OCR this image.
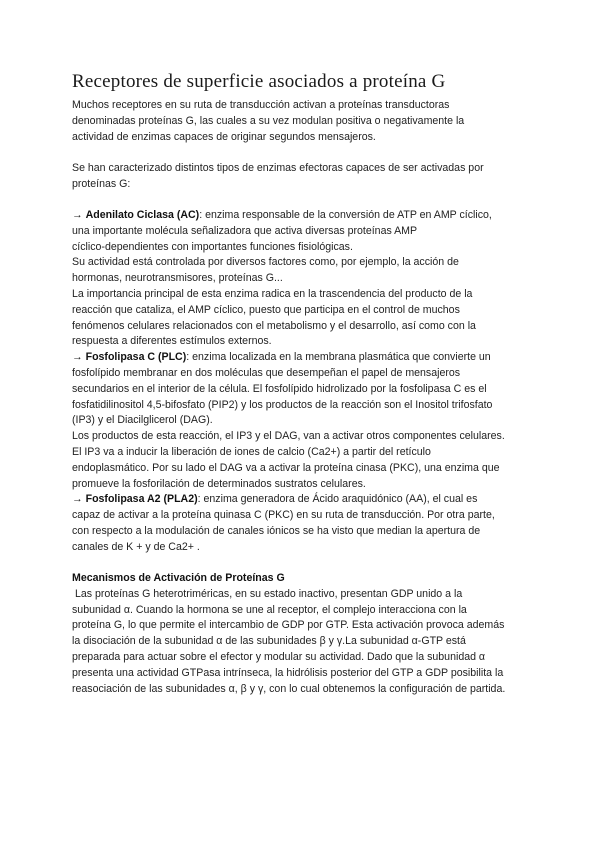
Receptores de superficie asociados a proteína G
Muchos receptores en su ruta de transducción activan a proteínas transductoras
denominadas proteínas G, las cuales a su vez modulan positiva o negativamente la
actividad de enzimas capaces de originar segundos mensajeros.
Se han caracterizado distintos tipos de enzimas efectoras capaces de ser activadas por
proteínas G:
→ Adenilato Ciclasa (AC): enzima responsable de la conversión de ATP en AMP cíclico,
una importante molécula señalizadora que activa diversas proteínas AMP
cíclico-dependientes con importantes funciones fisiológicas.
Su actividad está controlada por diversos factores como, por ejemplo, la acción de
hormonas, neurotransmisores, proteínas G...
La importancia principal de esta enzima radica en la trascendencia del producto de la
reacción que cataliza, el AMP cíclico, puesto que participa en el control de muchos
fenómenos celulares relacionados con el metabolismo y el desarrollo, así como con la
respuesta a diferentes estímulos externos.
→ Fosfolipasa C (PLC): enzima localizada en la membrana plasmática que convierte un
fosfolípido membranar en dos moléculas que desempeñan el papel de mensajeros
secundarios en el interior de la célula. El fosfolípido hidrolizado por la fosfolipasa C es el
fosfatidilinositol 4,5-bifosfato (PIP2) y los productos de la reacción son el Inositol trifosfato
(IP3) y el Diacilglicerol (DAG).
Los productos de esta reacción, el IP3 y el DAG, van a activar otros componentes celulares.
El IP3 va a inducir la liberación de iones de calcio (Ca2+) a partir del retículo
endoplasmático. Por su lado el DAG va a activar la proteína cinasa (PKC), una enzima que
promueve la fosforilación de determinados sustratos celulares.
→ Fosfolipasa A2 (PLA2): enzima generadora de Ácido araquidónico (AA), el cual es
capaz de activar a la proteína quinasa C (PKC) en su ruta de transducción. Por otra parte,
con respecto a la modulación de canales iónicos se ha visto que median la apertura de
canales de K + y de Ca2+ .
Mecanismos de Activación de Proteínas G
Las proteínas G heterotriméricas, en su estado inactivo, presentan GDP unido a la
subunidad α. Cuando la hormona se une al receptor, el complejo interacciona con la
proteína G, lo que permite el intercambio de GDP por GTP. Esta activación provoca además
la disociación de la subunidad α de las subunidades β y γ.La subunidad α-GTP está
preparada para actuar sobre el efector y modular su actividad. Dado que la subunidad α
presenta una actividad GTPasa intrínseca, la hidrólisis posterior del GTP a GDP posibilita la
reasociación de las subunidades α, β y γ, con lo cual obtenemos la configuración de partida.
